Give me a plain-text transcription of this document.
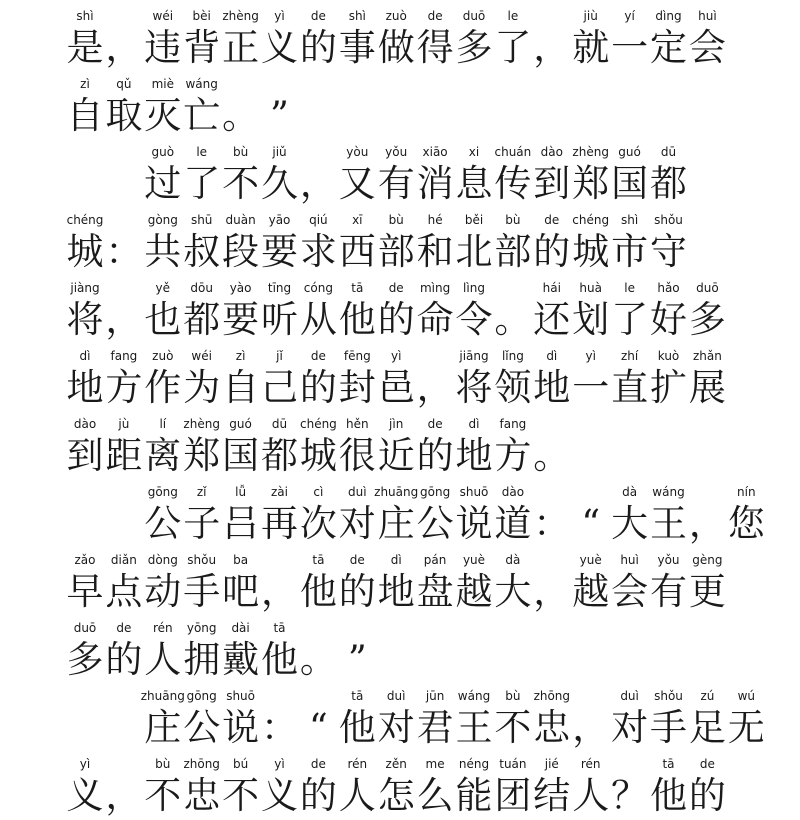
shì
是 ，
wéi
违
bèi
背
zhèng
正
yì
义
de
的
shì
事
zuò
做
de
得
duō
多
le
了 ，
jiù
就
yí
一
dìng
定
huì
会
zì
自
qǔ
取
miè
灭
wáng
亡 。 ”
guò
过
le
了
bù
不
jiǔ
久 ，
yòu
又
yǒu
有
xiāo
消
xi
息
chuán
传
dào
到
zhèng
郑
guó
国
dū
都
chéng
城 ：
gòng
共
shū
叔
duàn
段
yāo
要
qiú
求
xī
西
bù
部
hé
和
běi
北
bù
部
de
的
chéng
城
shì
市
shǒu
守
jiàng
将 ，
yě
也
dōu
都
yào
要
tīng
听
cóng
从
tā
他
de
的
mìng
命
lìng
令 。
hái
还
huà
划
le
了
hǎo
好
duō
多
dì
地
fang
方
zuò
作
wéi
为
zì
自
jǐ
己
de
的
fēng
封
yì
邑 ，
jiāng
将
lǐng
领
dì
地
yì
一
zhí
直
kuò
扩
zhǎn
展
dào
到
jù
距
lí
离
zhèng
郑
guó
国
dū
都
chéng
城
hěn
很
jìn
近
de
的
dì
地
fang
方 。
gōng
公
zǐ
子
lǚ
吕
zài
再
cì
次
duì
对
zhuāng
庄
gōng
公
shuō
说
dào
道 ： “
dà
大
wáng
王 ，
nín
您
zǎo
早
diǎn
点
dòng
动
shǒu
手
ba
吧 ，
tā
他
de
的
dì
地
pán
盘
yuè
越
dà
大 ，
yuè
越
huì
会
yǒu
有
gèng
更
duō
多
de
的
rén
人
yōng
拥
dài
戴
tā
他 。 ”
zhuāng
庄
gōng
公
shuō
说 ： “
tā
他
duì
对
jūn
君
wáng
王
bù
不
zhōng
忠 ，
duì
对
shǒu
手
zú
足
wú
无
yì
义 ，
bù
不
zhōng
忠
bú
不
yì
义
de
的
rén
人
zěn
怎
me
么
néng
能
tuán
团
jié
结
rén
人 ？
tā
他
de
的
